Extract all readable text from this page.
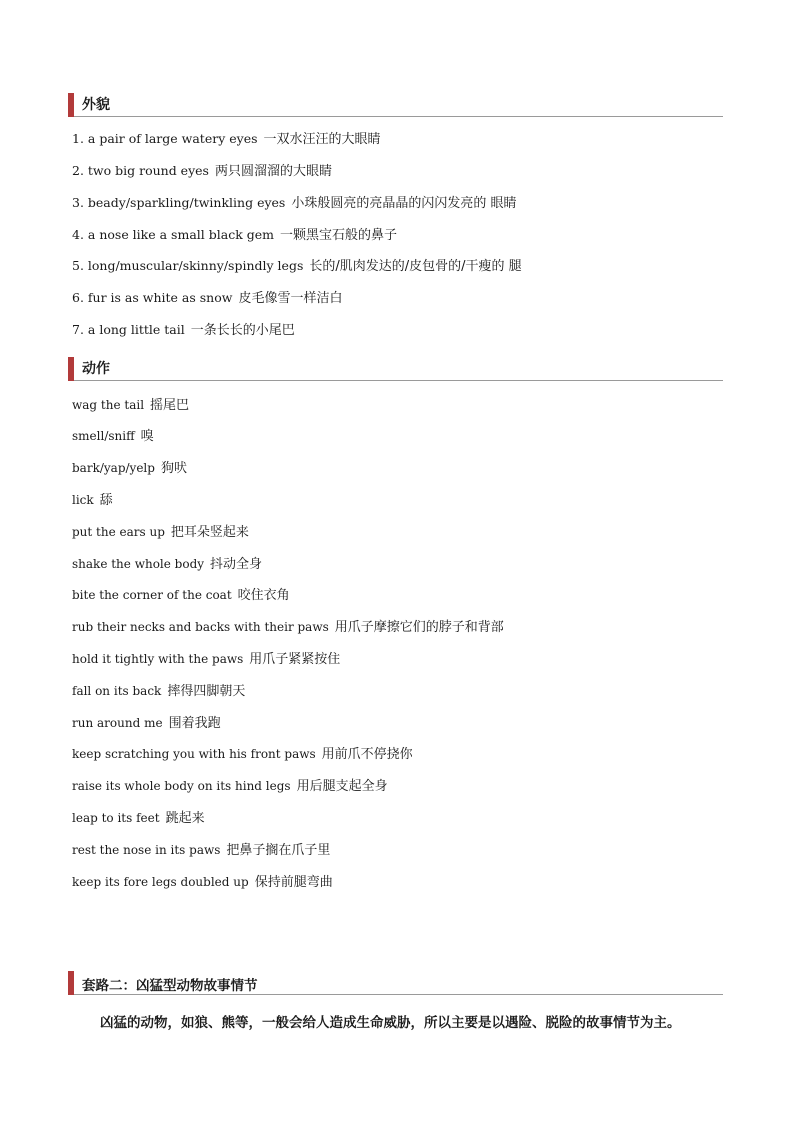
外貌
1. a pair of large watery eyes 一双水汪汪的大眼睛
2. two big round eyes 两只圆溜溜的大眼睛
3. beady/sparkling/twinkling eyes 小珠般圆亮的亮晶晶的闪闪发亮的 眼睛
4. a nose like a small black gem 一颗黑宝石般的鼻子
5. long/muscular/skinny/spindly legs 长的/肌肉发达的/皮包骨的/干瘦的 腿
6. fur is as white as snow 皮毛像雪一样洁白
7. a long little tail 一条长长的小尾巴
动作
wag the tail 摇尾巴
smell/sniff 嗅
bark/yap/yelp 狗吠
lick 舔
put the ears up 把耳朵竖起来
shake the whole body 抖动全身
bite the corner of the coat 咬住衣角
rub their necks and backs with their paws 用爪子摩擦它们的脖子和背部
hold it tightly with the paws 用爪子紧紧按住
fall on its back 摔得四脚朝天
run around me 围着我跑
keep scratching you with his front paws 用前爪不停挠你
raise its whole body on its hind legs 用后腿支起全身
leap to its feet 跳起来
rest the nose in its paws 把鼻子搁在爪子里
keep its fore legs doubled up 保持前腿弯曲
套路二：凶猛型动物故事情节
凶猛的动物，如狼、熊等，一般会给人造成生命威胁，所以主要是以遇险、脱险的故事情节为主。
